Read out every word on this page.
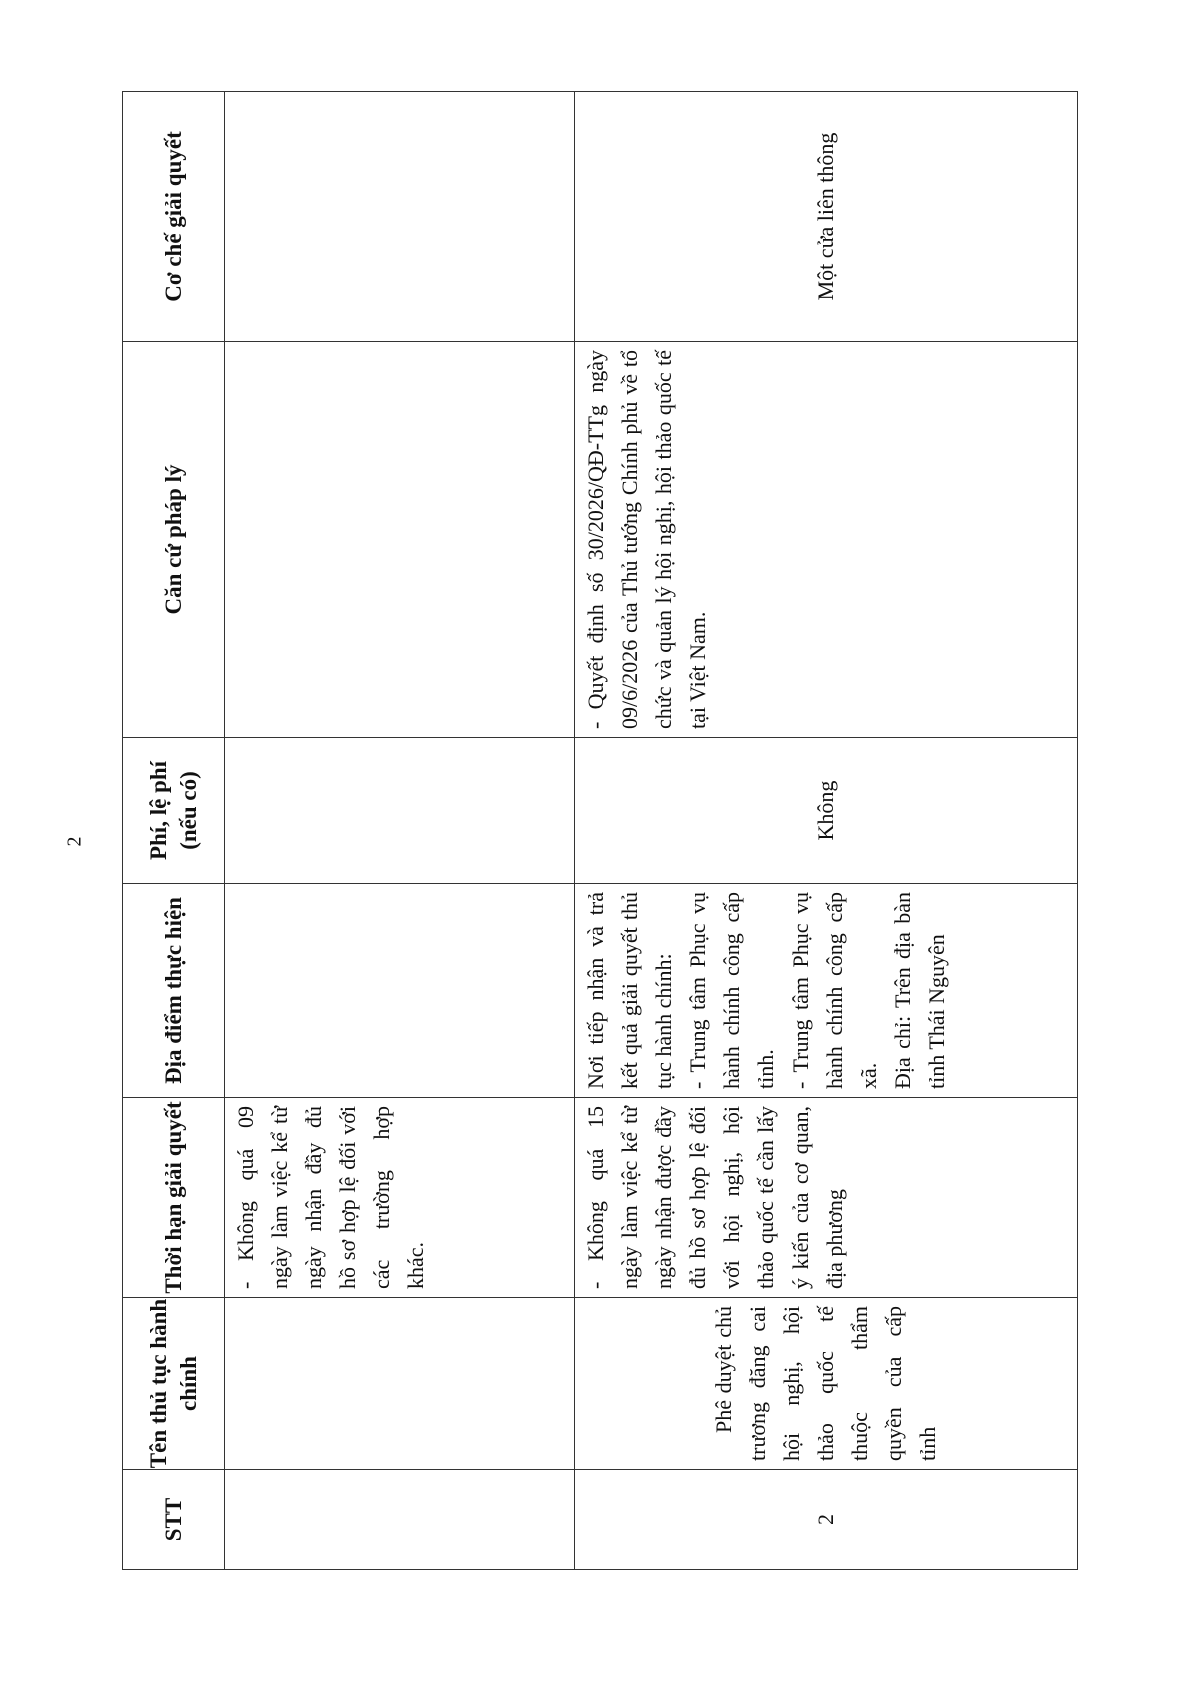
2
STT	Tên thủ tục hành chính	Thời hạn giải quyết	Địa điểm thực hiện	Phí, lệ phí (nếu có)	Căn cứ pháp lý	Cơ chế giải quyết

		- Không quá 09 ngày làm việc kể từ ngày nhận đầy đủ hồ sơ hợp lệ đối với các trường hợp khác.				

2	Phê duyệt chủ trương đăng cai hội nghị, hội thảo quốc tế thuộc thẩm quyền của cấp tỉnh	- Không quá 15 ngày làm việc kể từ ngày nhận được đầy đủ hồ sơ hợp lệ đối với hội nghị, hội thảo quốc tế cần lấy ý kiến của cơ quan, địa phương	Nơi tiếp nhận và trả kết quả giải quyết thủ tục hành chính: - Trung tâm Phục vụ hành chính công cấp tỉnh. - Trung tâm Phục vụ hành chính công cấp xã. Địa chỉ: Trên địa bàn tỉnh Thái Nguyên	Không	- Quyết định số 30/2026/QĐ-TTg ngày 09/6/2026 của Thủ tướng Chính phủ về tổ chức và quản lý hội nghị, hội thảo quốc tế tại Việt Nam.	Một cửa liên thông
